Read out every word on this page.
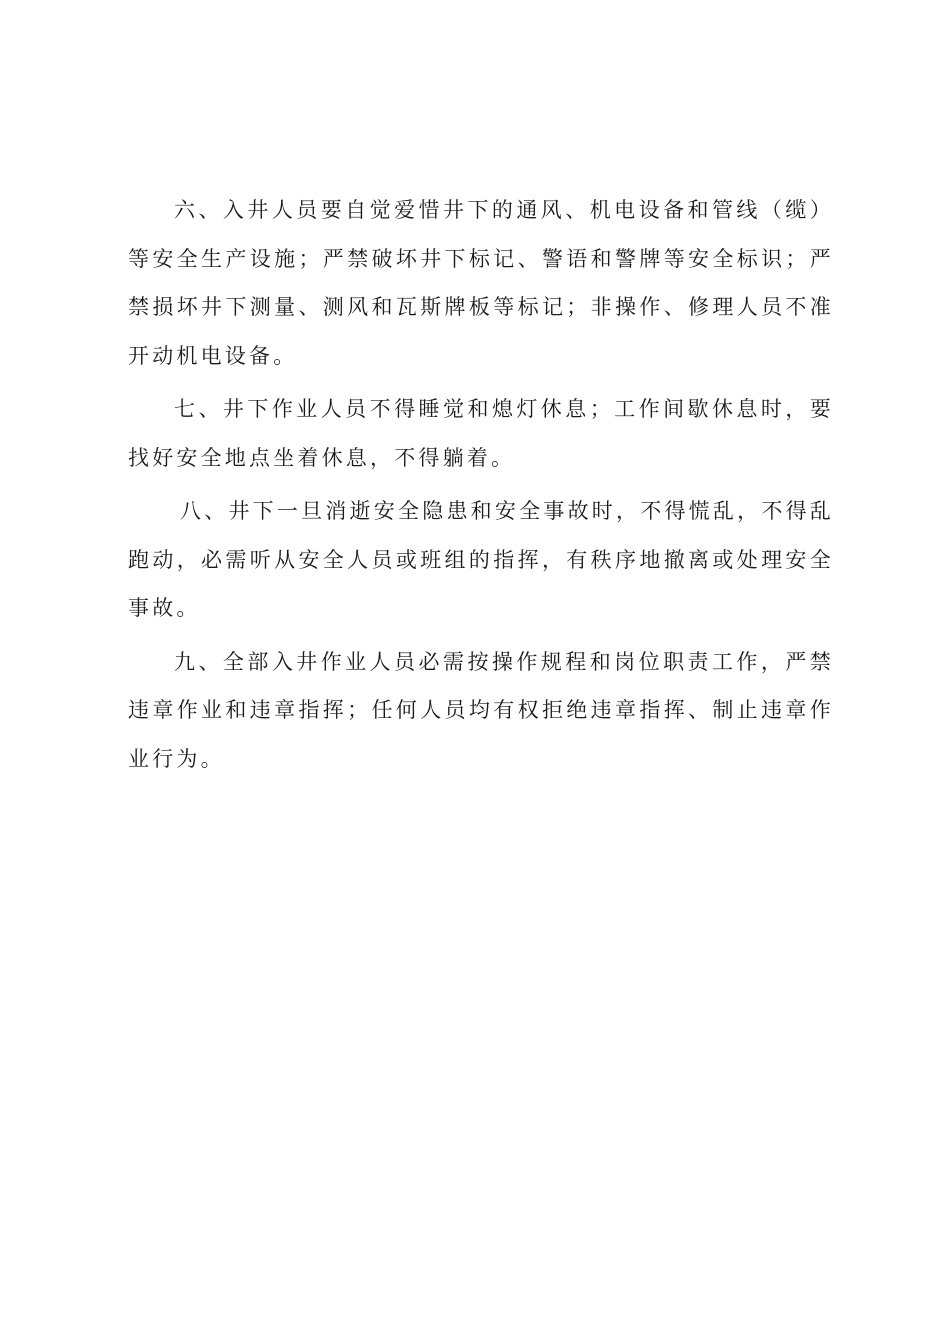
六、入井人员要自觉爱惜井下的通风、机电设备和管线（缆）等安全生产设施；严禁破坏井下标记、警语和警牌等安全标识；严禁损坏井下测量、测风和瓦斯牌板等标记；非操作、修理人员不准开动机电设备。

七、井下作业人员不得睡觉和熄灯休息；工作间歇休息时，要找好安全地点坐着休息，不得躺着。

八、井下一旦消逝安全隐患和安全事故时，不得慌乱，不得乱跑动，必需听从安全人员或班组的指挥，有秩序地撤离或处理安全事故。

九、全部入井作业人员必需按操作规程和岗位职责工作，严禁违章作业和违章指挥；任何人员均有权拒绝违章指挥、制止违章作业行为。
